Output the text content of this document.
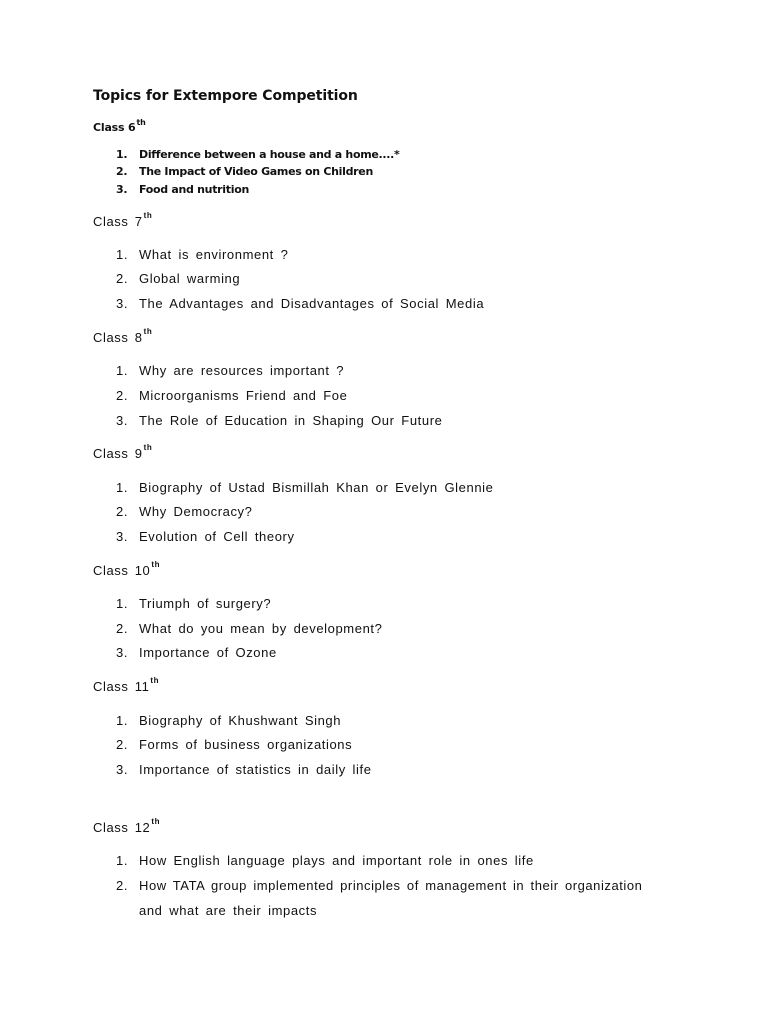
Topics for Extempore Competition

Class 6th

1. Difference between a house and a home....*
2. The Impact of Video Games on Children
3. Food and nutrition

Class 7th

1. What is environment ?
2. Global warming
3. The Advantages and Disadvantages of Social Media

Class 8th

1. Why are resources important ?
2. Microorganisms Friend and Foe
3. The Role of Education in Shaping Our Future

Class 9th

1. Biography of Ustad Bismillah Khan or Evelyn Glennie
2. Why Democracy?
3. Evolution of Cell theory

Class 10th

1. Triumph of surgery?
2. What do you mean by development?
3. Importance of Ozone

Class 11th

1. Biography of Khushwant Singh
2. Forms of business organizations
3. Importance of statistics in daily life

Class 12th

1. How English language plays and important role in ones life
2. How TATA group implemented principles of management in their organization
and what are their impacts
